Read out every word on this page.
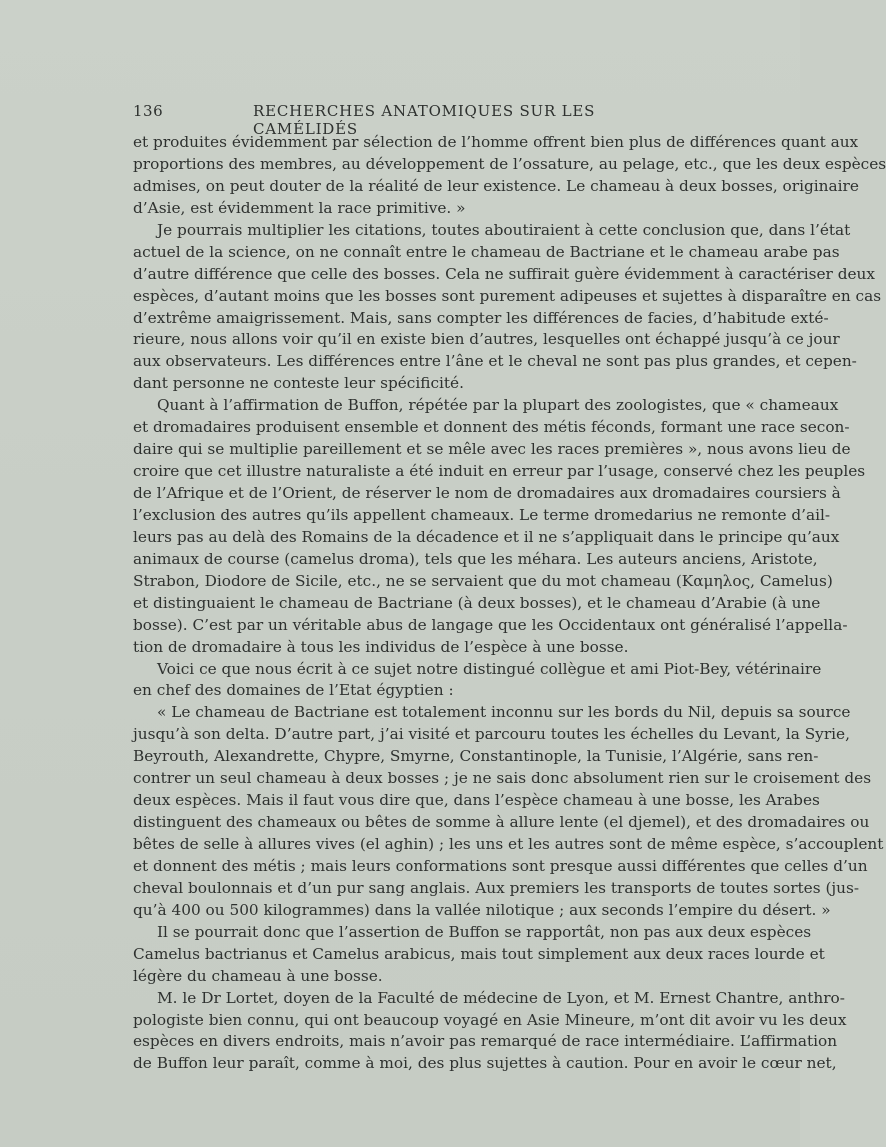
136	RECHERCHES ANATOMIQUES SUR LES CAMÉLIDÉS
et produites évidemment par sélection de l’homme offrent bien plus de différences quant aux
proportions des membres, au développement de l’ossature, au pelage, etc., que les deux espèces
admises, on peut douter de la réalité de leur existence. Le chameau à deux bosses, originaire
d’Asie, est évidemment la race primitive. »
Je pourrais multiplier les citations, toutes aboutiraient à cette conclusion que, dans l’état
actuel de la science, on ne connaît entre le chameau de Bactriane et le chameau arabe pas
d’autre différence que celle des bosses. Cela ne suffirait guère évidemment à caractériser deux
espèces, d’autant moins que les bosses sont purement adipeuses et sujettes à disparaître en cas
d’extrême amaigrissement. Mais, sans compter les différences de facies, d’habitude exté-
rieure, nous allons voir qu’il en existe bien d’autres, lesquelles ont échappé jusqu’à ce jour
aux observateurs. Les différences entre l’âne et le cheval ne sont pas plus grandes, et cepen-
dant personne ne conteste leur spécificité.
Quant à l’affirmation de Buffon, répétée par la plupart des zoologistes, que « chameaux
et dromadaires produisent ensemble et donnent des métis féconds, formant une race secon-
daire qui se multiplie pareillement et se mêle avec les races premières », nous avons lieu de
croire que cet illustre naturaliste a été induit en erreur par l’usage, conservé chez les peuples
de l’Afrique et de l’Orient, de réserver le nom de dromadaires aux dromadaires coursiers à
l’exclusion des autres qu’ils appellent chameaux. Le terme dromedarius ne remonte d’ail-
leurs pas au delà des Romains de la décadence et il ne s’appliquait dans le principe qu’aux
animaux de course (camelus droma), tels que les méhara. Les auteurs anciens, Aristote,
Strabon, Diodore de Sicile, etc., ne se servaient que du mot chameau (Καμηλος, Camelus)
et distinguaient le chameau de Bactriane (à deux bosses), et le chameau d’Arabie (à une
bosse). C’est par un véritable abus de langage que les Occidentaux ont généralisé l’appella-
tion de dromadaire à tous les individus de l’espèce à une bosse.
Voici ce que nous écrit à ce sujet notre distingué collègue et ami Piot-Bey, vétérinaire
en chef des domaines de l’Etat égyptien :
« Le chameau de Bactriane est totalement inconnu sur les bords du Nil, depuis sa source
jusqu’à son delta. D’autre part, j’ai visité et parcouru toutes les échelles du Levant, la Syrie,
Beyrouth, Alexandrette, Chypre, Smyrne, Constantinople, la Tunisie, l’Algérie, sans ren-
contrer un seul chameau à deux bosses ; je ne sais donc absolument rien sur le croisement des
deux espèces. Mais il faut vous dire que, dans l’espèce chameau à une bosse, les Arabes
distinguent des chameaux ou bêtes de somme à allure lente (el djemel), et des dromadaires ou
bêtes de selle à allures vives (el aghin) ; les uns et les autres sont de même espèce, s’accouplent
et donnent des métis ; mais leurs conformations sont presque aussi différentes que celles d’un
cheval boulonnais et d’un pur sang anglais. Aux premiers les transports de toutes sortes (jus-
qu’à 400 ou 500 kilogrammes) dans la vallée nilotique ; aux seconds l’empire du désert. »
Il se pourrait donc que l’assertion de Buffon se rapportât, non pas aux deux espèces
Camelus bactrianus et Camelus arabicus, mais tout simplement aux deux races lourde et
légère du chameau à une bosse.
M. le Dr Lortet, doyen de la Faculté de médecine de Lyon, et M. Ernest Chantre, anthro-
pologiste bien connu, qui ont beaucoup voyagé en Asie Mineure, m’ont dit avoir vu les deux
espèces en divers endroits, mais n’avoir pas remarqué de race intermédiaire. L’affirmation
de Buffon leur paraît, comme à moi, des plus sujettes à caution. Pour en avoir le cœur net,
